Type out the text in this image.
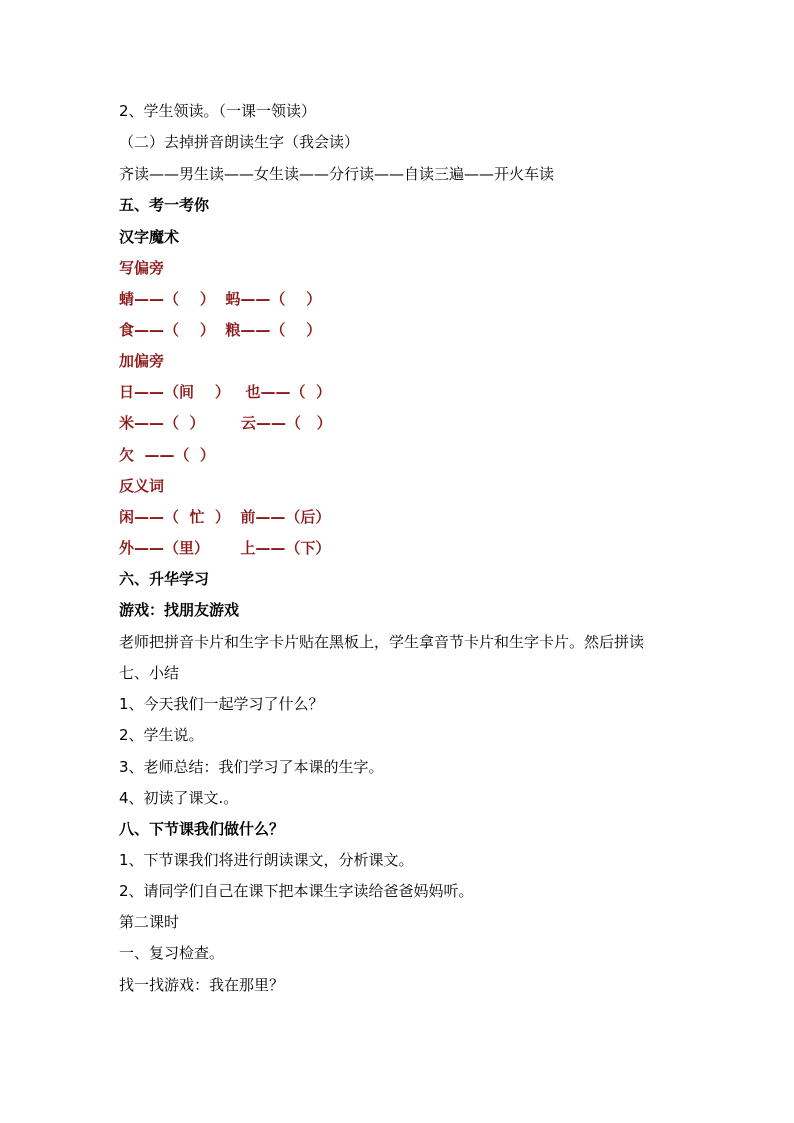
2、学生领读。（一课一领读）
（二）去掉拼音朗读生字（我会读）
齐读——男生读——女生读——分行读——自读三遍——开火车读
五、考一考你
汉字魔术
写偏旁
蜻——（    ）  蚂——（    ）
食——（    ）  粮——（    ）
加偏旁
日——（间    ）   也——（  ）
米——（  ）       云——（   ）
欠  ——（  ）
反义词
闲——（  忙  ）  前——（后）
外——（里）      上——（下）
六、升华学习
游戏：找朋友游戏
老师把拼音卡片和生字卡片贴在黑板上，学生拿音节卡片和生字卡片。然后拼读
七、小结
1、今天我们一起学习了什么？
2、学生说。
3、老师总结：我们学习了本课的生字。
4、初读了课文.。
八、下节课我们做什么？
1、下节课我们将进行朗读课文，分析课文。
2、请同学们自己在课下把本课生字读给爸爸妈妈听。
第二课时
一、复习检查。
找一找游戏：我在那里？
